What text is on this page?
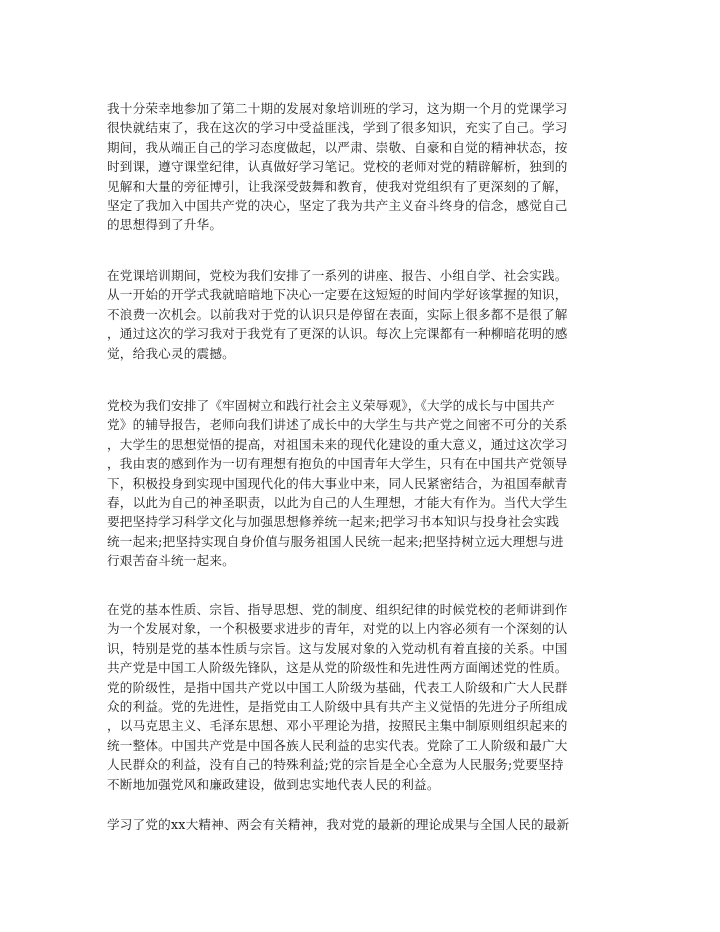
我十分荣幸地参加了第二十期的发展对象培训班的学习，这为期一个月的党课学习
很快就结束了，我在这次的学习中受益匪浅，学到了很多知识，充实了自己。学习
期间，我从端正自己的学习态度做起，以严肃、崇敬、自豪和自觉的精神状态，按
时到课，遵守课堂纪律，认真做好学习笔记。党校的老师对党的精辟解析，独到的
见解和大量的旁征博引，让我深受鼓舞和教育，使我对党组织有了更深刻的了解，
坚定了我加入中国共产党的决心，坚定了我为共产主义奋斗终身的信念，感觉自己
的思想得到了升华。

在党课培训期间，党校为我们安排了一系列的讲座、报告、小组自学、社会实践。
从一开始的开学式我就暗暗地下决心一定要在这短短的时间内学好该掌握的知识，
不浪费一次机会。以前我对于党的认识只是停留在表面，实际上很多都不是很了解
，通过这次的学习我对于我党有了更深的认识。每次上完课都有一种柳暗花明的感
觉，给我心灵的震撼。

党校为我们安排了《牢固树立和践行社会主义荣辱观》，《大学的成长与中国共产
党》的辅导报告，老师向我们讲述了成长中的大学生与共产党之间密不可分的关系
，大学生的思想觉悟的提高，对祖国未来的现代化建设的重大意义，通过这次学习
，我由衷的感到作为一切有理想有抱负的中国青年大学生，只有在中国共产党领导
下，积极投身到实现中国现代化的伟大事业中来，同人民紧密结合，为祖国奉献青
春，以此为自己的神圣职责，以此为自己的人生理想，才能大有作为。当代大学生
要把坚持学习科学文化与加强思想修养统一起来;把学习书本知识与投身社会实践
统一起来;把坚持实现自身价值与服务祖国人民统一起来;把坚持树立远大理想与进
行艰苦奋斗统一起来。

在党的基本性质、宗旨、指导思想、党的制度、组织纪律的时候党校的老师讲到作
为一个发展对象，一个积极要求进步的青年，对党的以上内容必须有一个深刻的认
识，特别是党的基本性质与宗旨。这与发展对象的入党动机有着直接的关系。中国
共产党是中国工人阶级先锋队，这是从党的阶级性和先进性两方面阐述党的性质。
党的阶级性，是指中国共产党以中国工人阶级为基础，代表工人阶级和广大人民群
众的利益。党的先进性，是指党由工人阶级中具有共产主义觉悟的先进分子所组成
，以马克思主义、毛泽东思想、邓小平理论为措，按照民主集中制原则组织起来的
统一整体。中国共产党是中国各族人民利益的忠实代表。党除了工人阶级和最广大
人民群众的利益，没有自己的特殊利益;党的宗旨是全心全意为人民服务;党要坚持
不断地加强党风和廉政建设，做到忠实地代表人民的利益。

学习了党的xx大精神、两会有关精神，我对党的最新的理论成果与全国人民的最新
